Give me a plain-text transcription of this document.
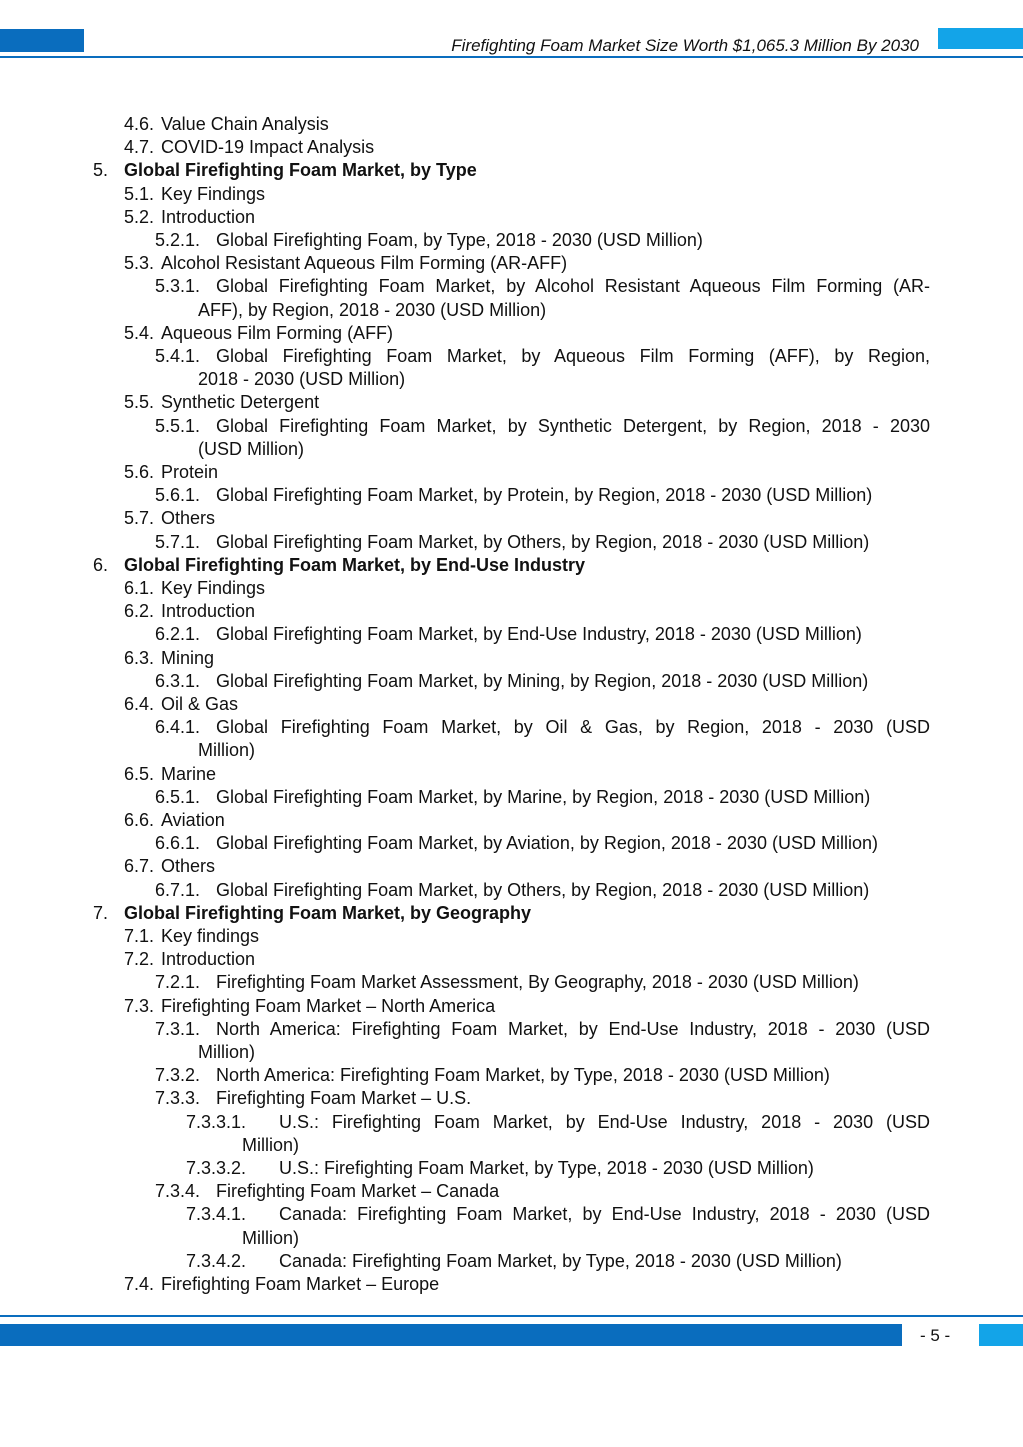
Firefighting Foam Market Size Worth $1,065.3 Million By 2030
4.6. Value Chain Analysis
4.7. COVID-19 Impact Analysis
5. Global Firefighting Foam Market, by Type
5.1. Key Findings
5.2. Introduction
5.2.1. Global Firefighting Foam, by Type, 2018 - 2030 (USD Million)
5.3. Alcohol Resistant Aqueous Film Forming (AR-AFF)
5.3.1. Global Firefighting Foam Market, by Alcohol Resistant Aqueous Film Forming (AR-
AFF), by Region, 2018 - 2030 (USD Million)
5.4. Aqueous Film Forming (AFF)
5.4.1. Global Firefighting Foam Market, by Aqueous Film Forming (AFF), by Region,
2018 - 2030 (USD Million)
5.5. Synthetic Detergent
5.5.1. Global Firefighting Foam Market, by Synthetic Detergent, by Region, 2018 - 2030
(USD Million)
5.6. Protein
5.6.1. Global Firefighting Foam Market, by Protein, by Region, 2018 - 2030 (USD Million)
5.7. Others
5.7.1. Global Firefighting Foam Market, by Others, by Region, 2018 - 2030 (USD Million)
6. Global Firefighting Foam Market, by End-Use Industry
6.1. Key Findings
6.2. Introduction
6.2.1. Global Firefighting Foam Market, by End-Use Industry, 2018 - 2030 (USD Million)
6.3. Mining
6.3.1. Global Firefighting Foam Market, by Mining, by Region, 2018 - 2030 (USD Million)
6.4. Oil & Gas
6.4.1. Global Firefighting Foam Market, by Oil & Gas, by Region, 2018 - 2030 (USD
Million)
6.5. Marine
6.5.1. Global Firefighting Foam Market, by Marine, by Region, 2018 - 2030 (USD Million)
6.6. Aviation
6.6.1. Global Firefighting Foam Market, by Aviation, by Region, 2018 - 2030 (USD Million)
6.7. Others
6.7.1. Global Firefighting Foam Market, by Others, by Region, 2018 - 2030 (USD Million)
7. Global Firefighting Foam Market, by Geography
7.1. Key findings
7.2. Introduction
7.2.1. Firefighting Foam Market Assessment, By Geography, 2018 - 2030 (USD Million)
7.3. Firefighting Foam Market – North America
7.3.1. North America: Firefighting Foam Market, by End-Use Industry, 2018 - 2030 (USD
Million)
7.3.2. North America: Firefighting Foam Market, by Type, 2018 - 2030 (USD Million)
7.3.3. Firefighting Foam Market – U.S.
7.3.3.1. U.S.: Firefighting Foam Market, by End-Use Industry, 2018 - 2030 (USD
Million)
7.3.3.2. U.S.: Firefighting Foam Market, by Type, 2018 - 2030 (USD Million)
7.3.4. Firefighting Foam Market – Canada
7.3.4.1. Canada: Firefighting Foam Market, by End-Use Industry, 2018 - 2030 (USD
Million)
7.3.4.2. Canada: Firefighting Foam Market, by Type, 2018 - 2030 (USD Million)
7.4. Firefighting Foam Market – Europe
- 5 -
